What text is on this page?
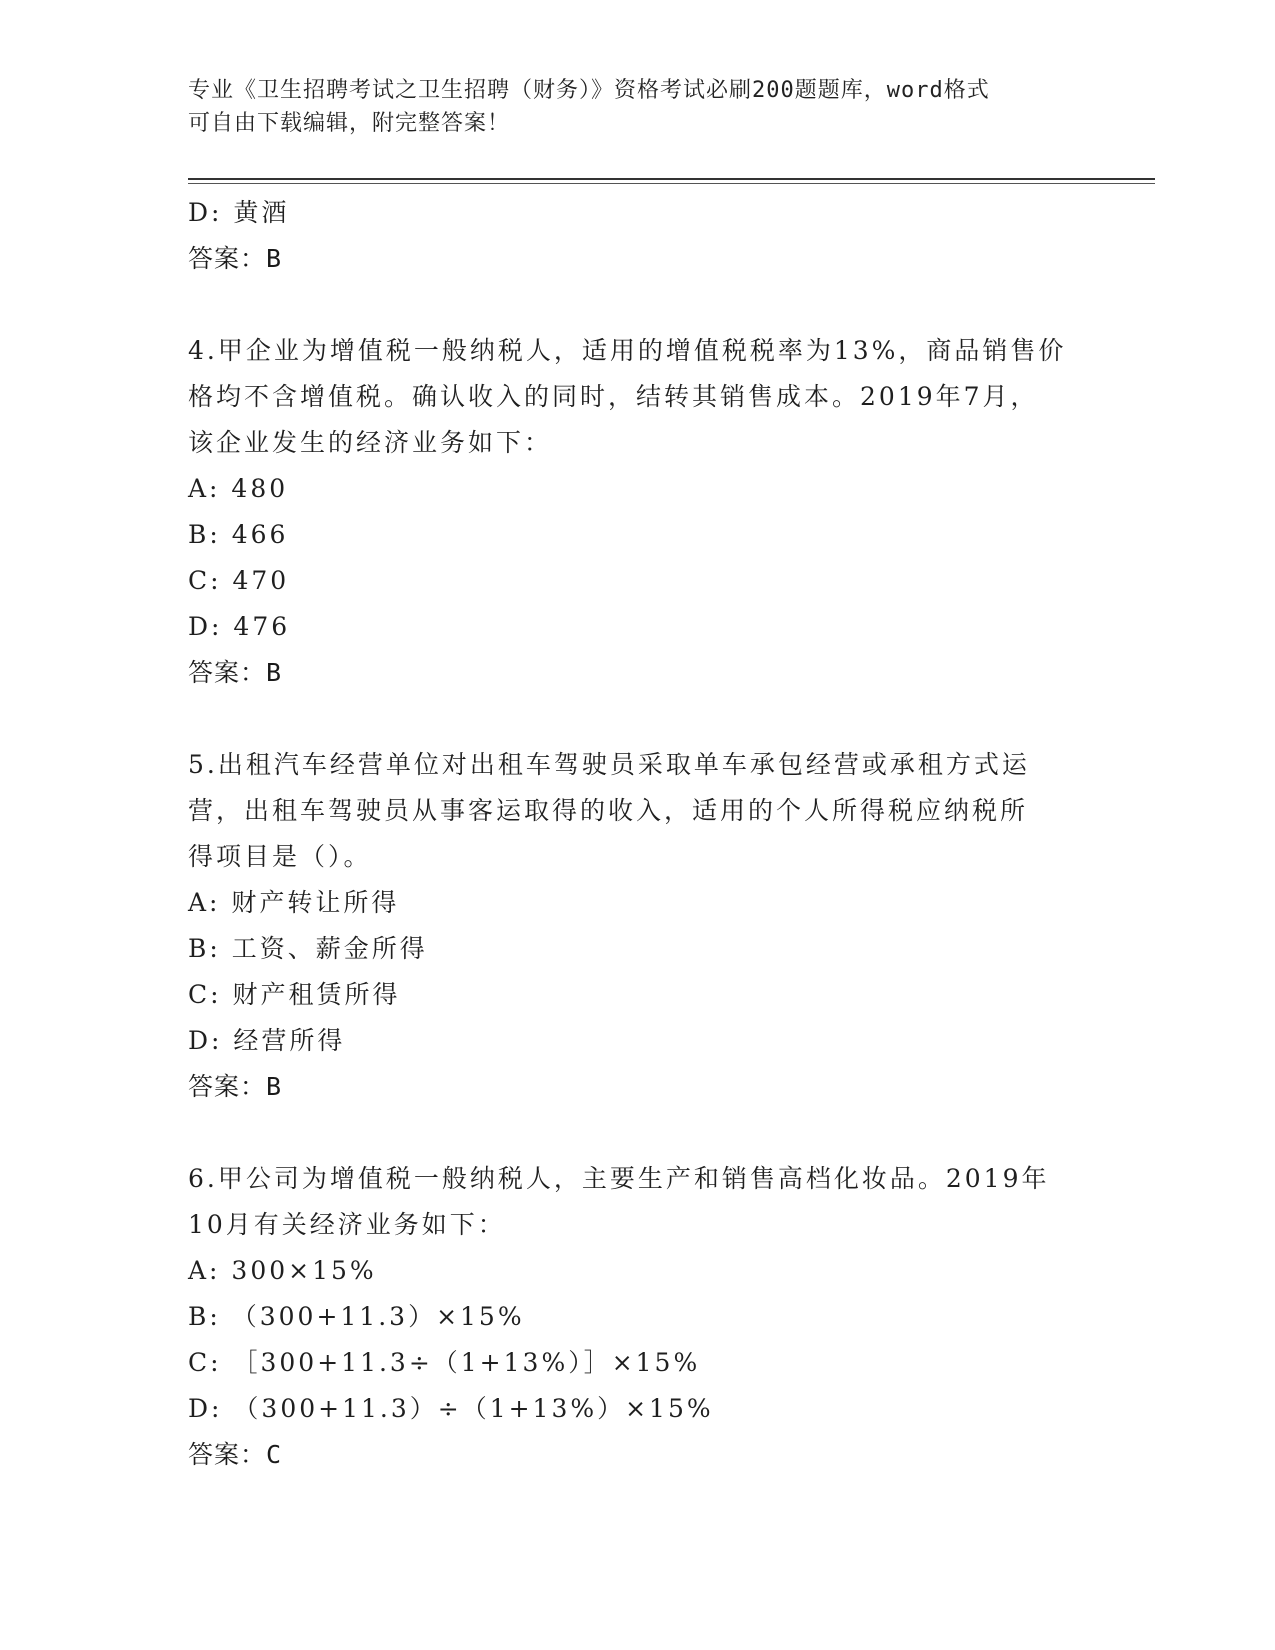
专业《卫生招聘考试之卫生招聘（财务）》资格考试必刷200题题库，word格式
可自由下载编辑，附完整答案！
D: 黄酒
答案：B
4.甲企业为增值税一般纳税人，适用的增值税税率为13%，商品销售价
格均不含增值税。确认收入的同时，结转其销售成本。2019年7月，
该企业发生的经济业务如下：
A: 480
B: 466
C: 470
D: 476
答案：B
5.出租汽车经营单位对出租车驾驶员采取单车承包经营或承租方式运
营，出租车驾驶员从事客运取得的收入，适用的个人所得税应纳税所
得项目是（）。
A: 财产转让所得
B: 工资、薪金所得
C: 财产租赁所得
D: 经营所得
答案：B
6.甲公司为增值税一般纳税人，主要生产和销售高档化妆品。2019年
10月有关经济业务如下：
A: 300×15%
B: （300+11.3）×15%
C: ［300+11.3÷（1+13%）］×15%
D: （300+11.3）÷（1+13%）×15%
答案：C
